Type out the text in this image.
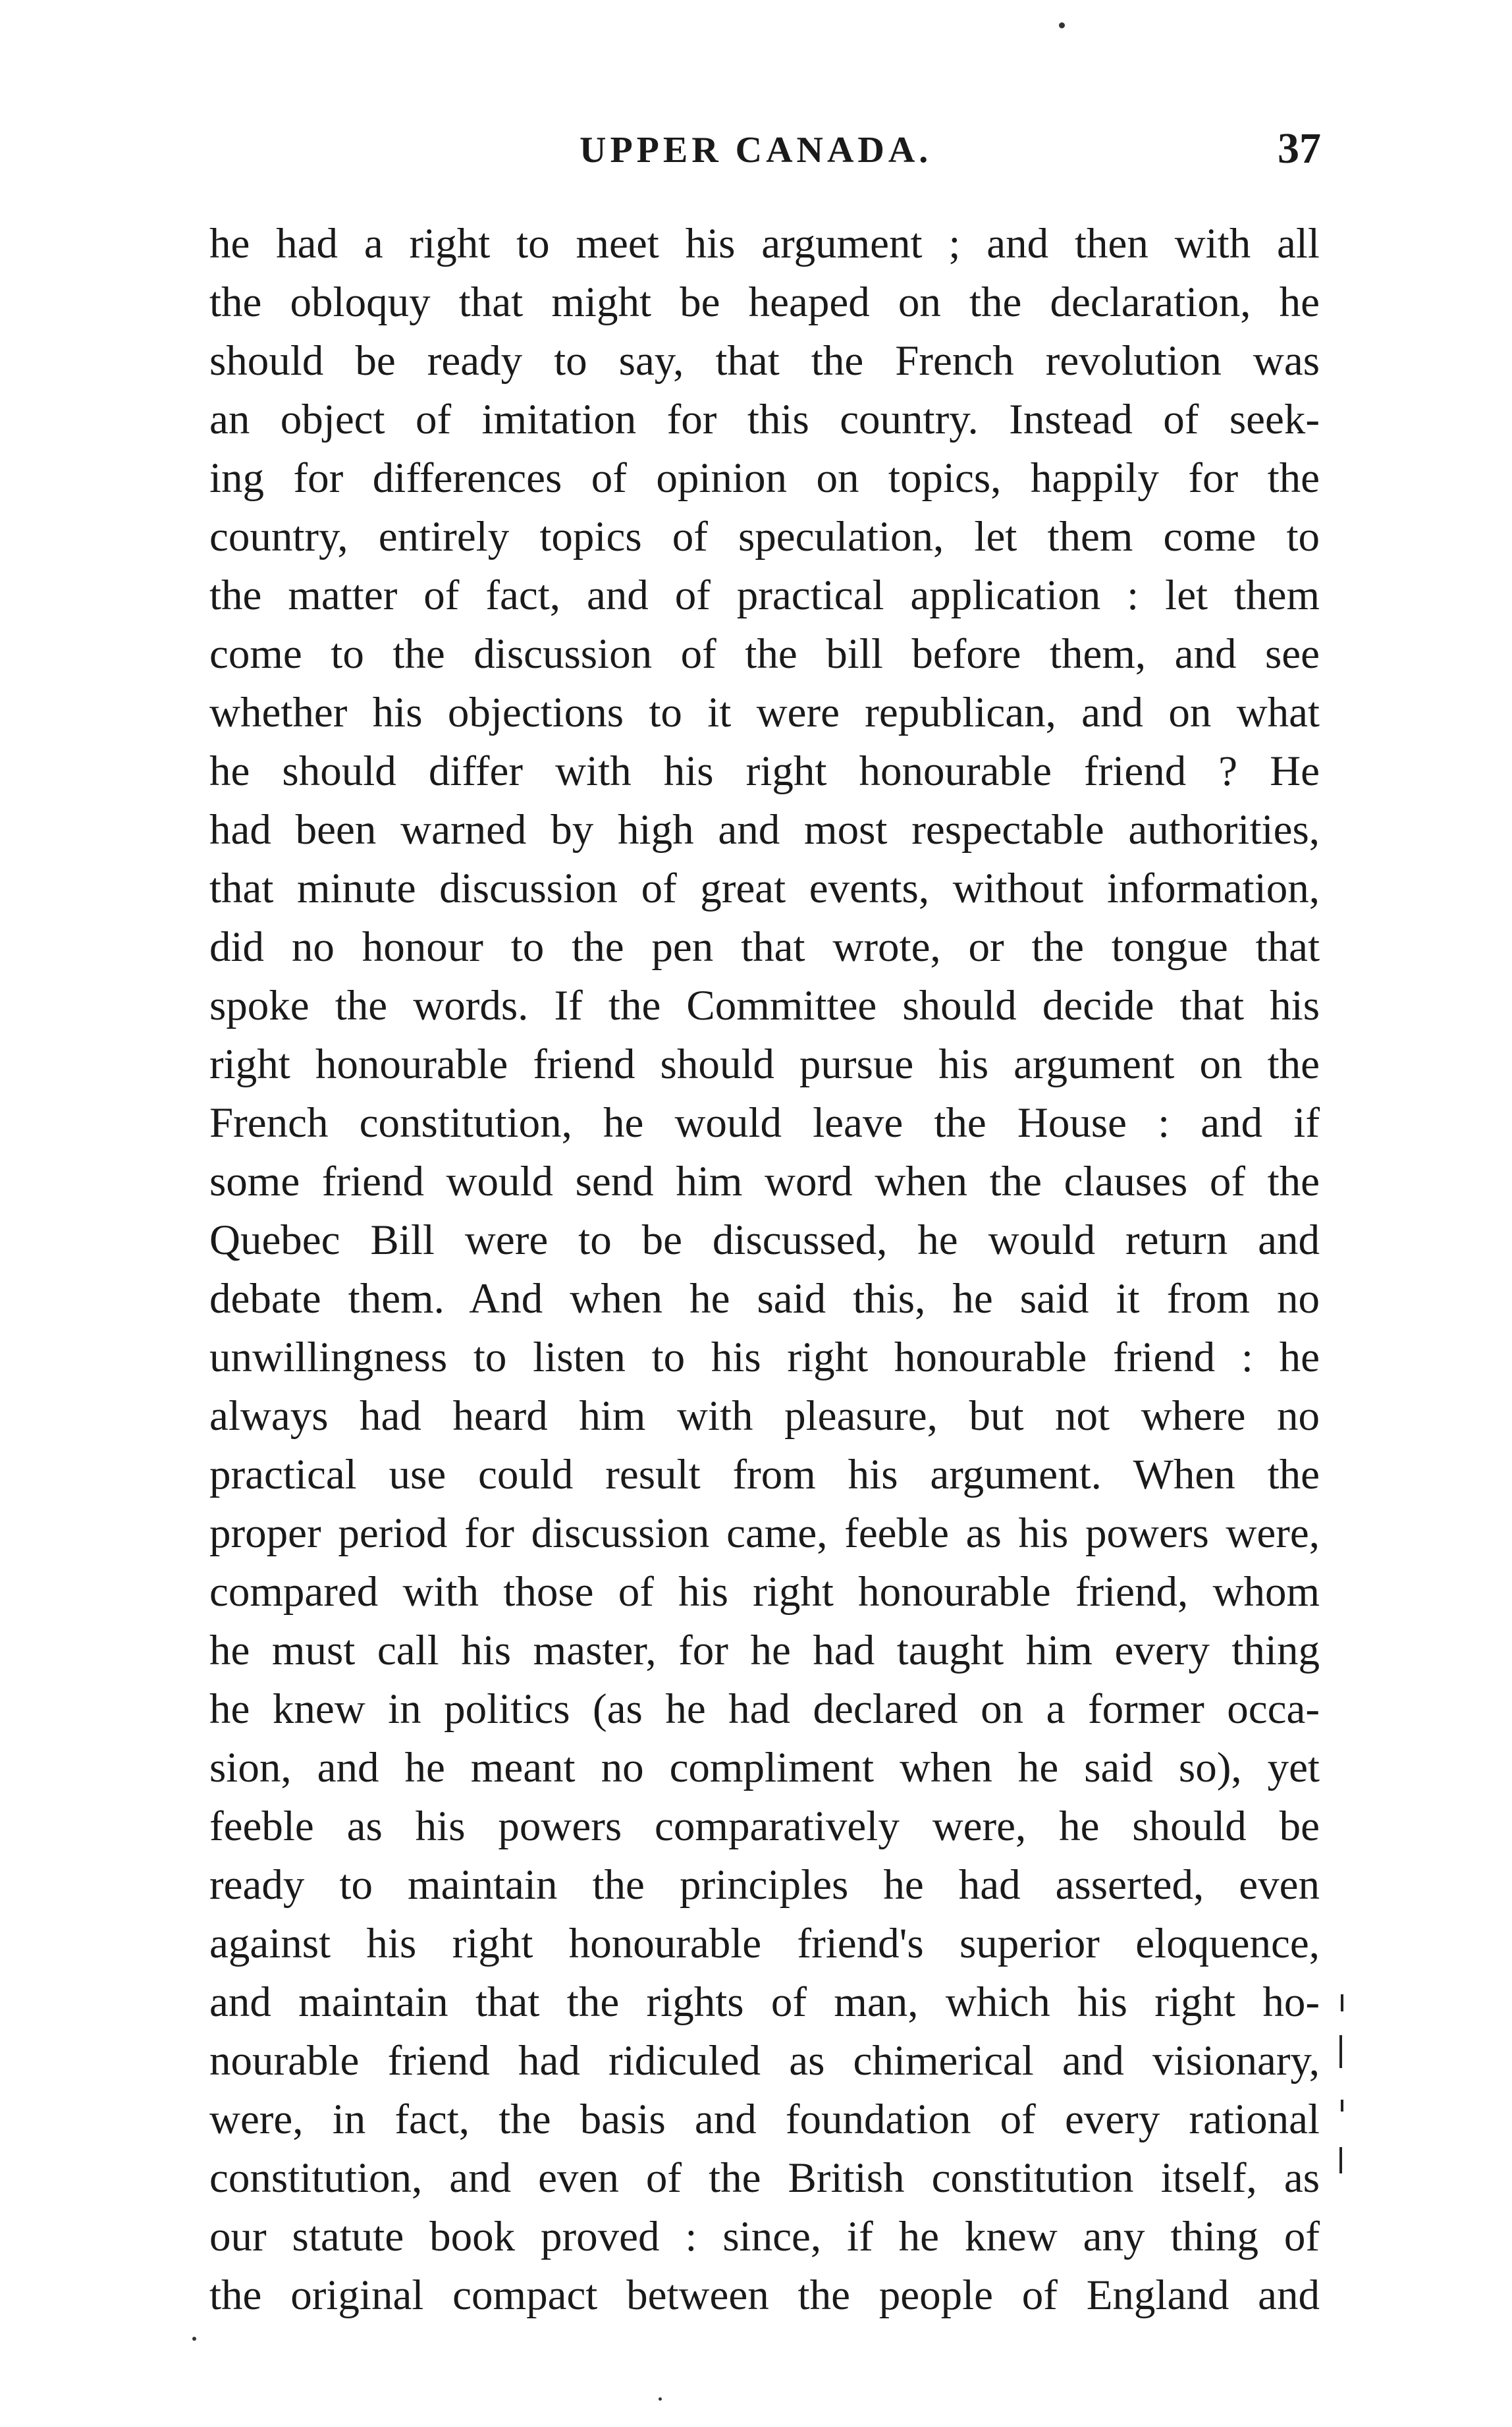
UPPER CANADA.	37
he had a right to meet his argument ; and then with all
the obloquy that might be heaped on the declaration, he
should be ready to say, that the French revolution was
an object of imitation for this country. Instead of seek-
ing for differences of opinion on topics, happily for the
country, entirely topics of speculation, let them come to
the matter of fact, and of practical application : let them
come to the discussion of the bill before them, and see
whether his objections to it were republican, and on what
he should differ with his right honourable friend ? He
had been warned by high and most respectable authorities,
that minute discussion of great events, without information,
did no honour to the pen that wrote, or the tongue that
spoke the words. If the Committee should decide that his
right honourable friend should pursue his argument on the
French constitution, he would leave the House : and if
some friend would send him word when the clauses of the
Quebec Bill were to be discussed, he would return and
debate them. And when he said this, he said it from no
unwillingness to listen to his right honourable friend : he
always had heard him with pleasure, but not where no
practical use could result from his argument. When the
proper period for discussion came, feeble as his powers were,
compared with those of his right honourable friend, whom
he must call his master, for he had taught him every thing
he knew in politics (as he had declared on a former occa-
sion, and he meant no compliment when he said so), yet
feeble as his powers comparatively were, he should be
ready to maintain the principles he had asserted, even
against his right honourable friend's superior eloquence,
and maintain that the rights of man, which his right ho-
nourable friend had ridiculed as chimerical and visionary,
were, in fact, the basis and foundation of every rational
constitution, and even of the British constitution itself, as
our statute book proved : since, if he knew any thing of
the original compact between the people of England and
